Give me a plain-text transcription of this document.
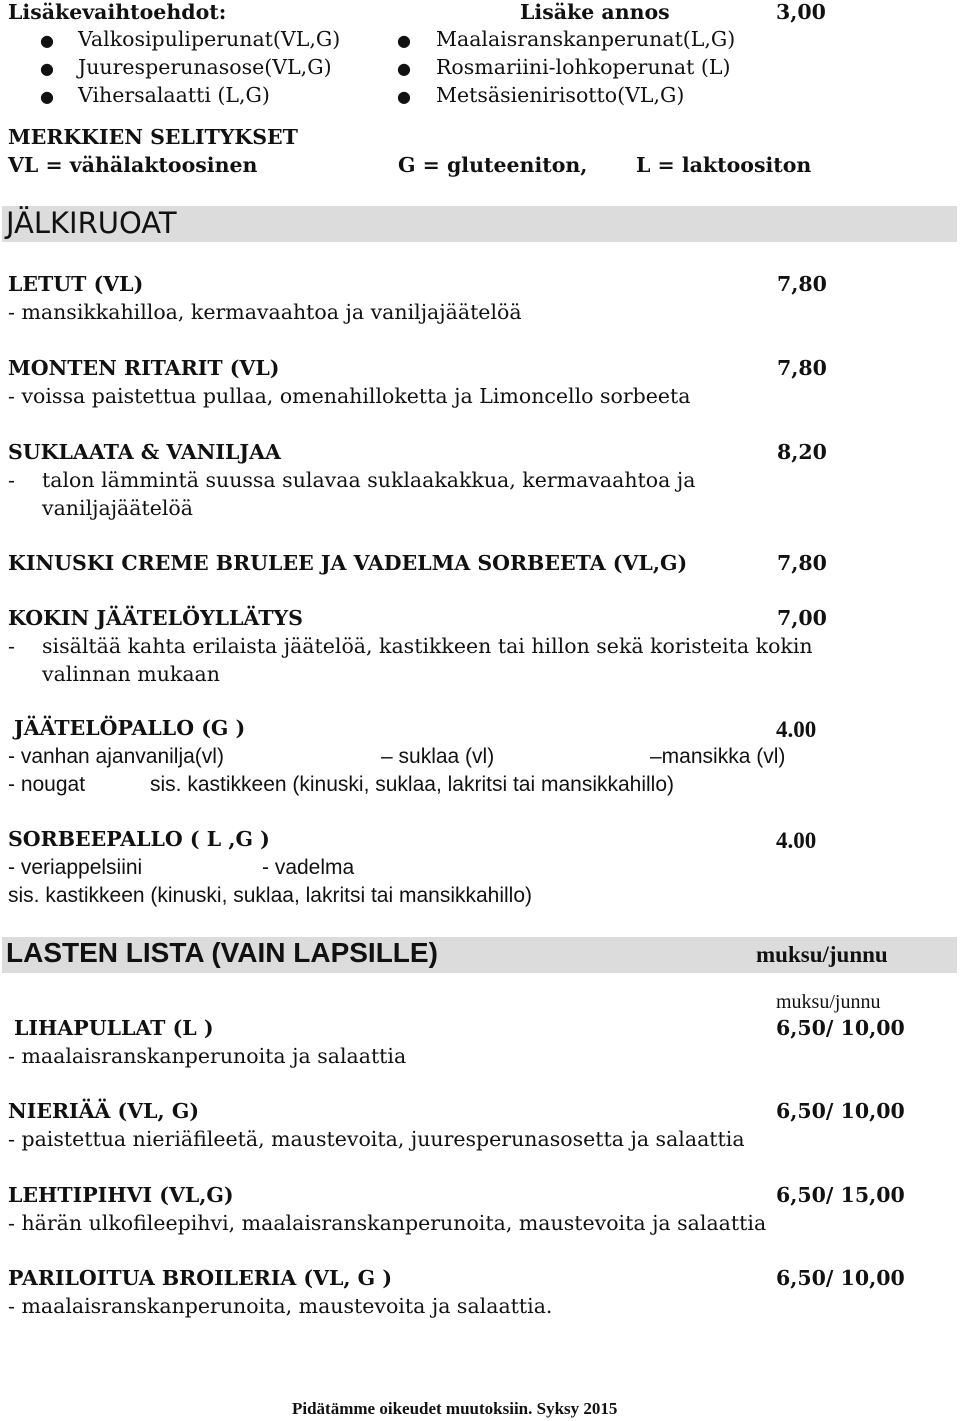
Lisäkevaihtoehdot:	Lisäke annos	3,00
● Valkosipuliperunat(VL,G)
● Juuresperunasose(VL,G)
● Vihersalaatti (L,G)
● Maalaisranskanperunat(L,G)
● Rosmariini-lohkoperunat (L)
● Metsäsienirisotto(VL,G)
MERKKIEN SELITYKSET
VL = vähälaktoosinen	G = gluteeniton, L = laktoositon
JÄLKIRUOAT
LETUT (VL)	7,80
- mansikkahilloa, kermavaahtoa ja vaniljajäätelöä
MONTEN RITARIT (VL)	7,80
- voissa paistettua pullaa, omenahilloketta ja Limoncello sorbeeta
SUKLAATA & VANILJAA	8,20
- talon lämmintä suussa sulavaa suklaakakkua, kermavaahtoa ja
vaniljajäätelöä
KINUSKI CREME BRULEE JA VADELMA SORBEETA (VL,G)	7,80
KOKIN JÄÄTELÖYLLÄTYS	7,00
- sisältää kahta erilaista jäätelöä, kastikkeen tai hillon sekä koristeita kokin
valinnan mukaan
JÄÄTELÖPALLO (G )	4.00
- vanhan ajanvanilja(vl)	– suklaa (vl)	–mansikka (vl)
- nougat	sis. kastikkeen (kinuski, suklaa, lakritsi tai mansikkahillo)
SORBEEPALLO ( L ,G )	4.00
- veriappelsiini	- vadelma
sis. kastikkeen (kinuski, suklaa, lakritsi tai mansikkahillo)
LASTEN LISTA (VAIN LAPSILLE)	muksu/junnu
muksu/junnu
LIHAPULLAT (L )	6,50/ 10,00
- maalaisranskanperunoita ja salaattia
NIERIÄÄ (VL, G)	6,50/ 10,00
- paistettua nieriäfileetä, maustevoita, juuresperunasosetta ja salaattia
LEHTIPIHVI (VL,G)	6,50/ 15,00
- härän ulkofileepihvi, maalaisranskanperunoita, maustevoita ja salaattia
PARILOITUA BROILERIA (VL, G )	6,50/ 10,00
- maalaisranskanperunoita, maustevoita ja salaattia.
Pidätämme oikeudet muutoksiin. Syksy 2015
